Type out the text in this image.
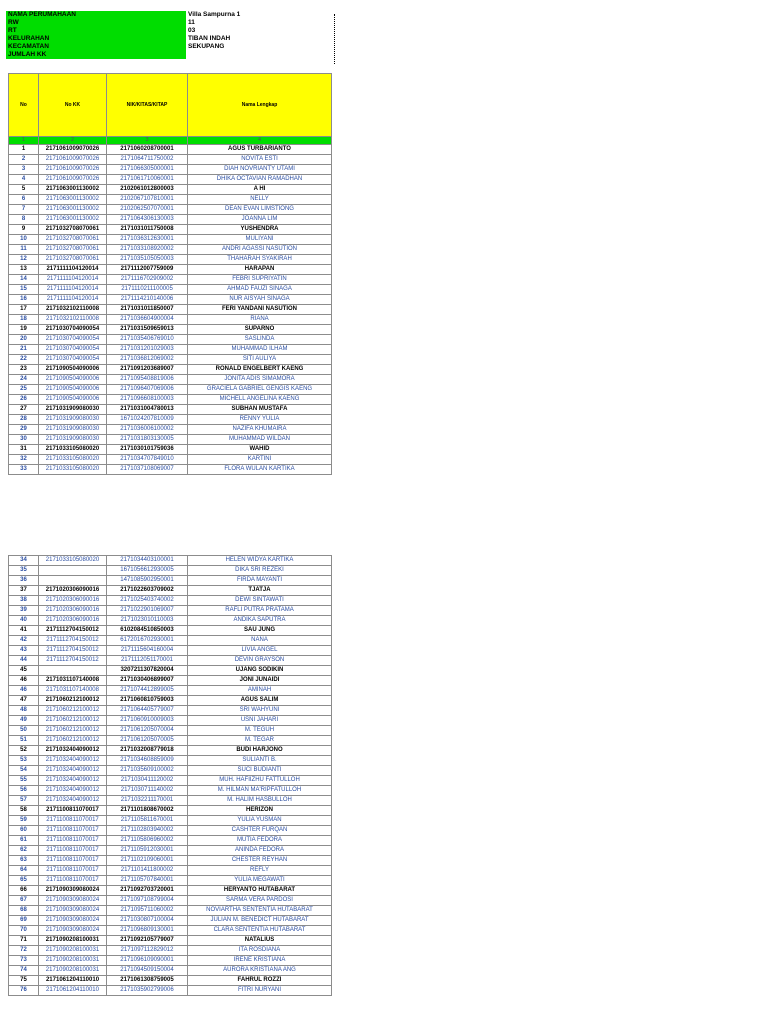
NAMA PERUMAHAAN	Villa Sampurna 1
RW	11
RT	03
KELURAHAN	TIBAN INDAH
KECAMATAN	SEKUPANG
JUMLAH KK	
No	No KK	NIK/KITAS/KITAP	Nama Lengkap
1	2	3	4
1	2171061009070026	2171060208700001	AGUS TURBARIANTO
2	2171061009070026	2171064711750002	NOVITA ESTI
3	2171061009070026	2171066305000001	DIAH NOVRIANTY UTAMI
4	2171061009070026	2171061710060001	DHIKA OCTAVIAN RAMADHAN
5	2171063001130002	2102061012800003	A HI
6	2171063001130002	2102067107810001	NELLY
7	2171063001130002	2102062507070001	DEAN EVAN LIMSTIONG
8	2171063001130002	2171064306130003	JOANNA LIM
9	2171032708070061	2171031011750008	YUSHENDRA
10	2171032708070061	2171036312630001	MULIYANI
11	2171032708070061	2171033108920002	ANDRI AGASSI NASUTION
12	2171032708070061	2171035105050003	THAHARAH SYAKIRAH
13	2171111104120014	2171112007759009	HARAPAN
14	2171111104120014	2171116702909002	FEBRI SUPRIYATIN
15	2171111104120014	2171110211100005	AHMAD FAUZI SINAGA
16	2171111104120014	2171114210140006	NUR AISYAH SINAGA
17	2171032102110008	2171031011850007	FERI YANDANI NASUTION
18	2171032102110008	2171036604900004	RIANA
19	2171030704090054	2171031509659013	SUPARNO
20	2171030704090054	2171035406769010	SASLINDA
21	2171030704090054	2171031201029003	MUHAMMAD ILHAM
22	2171030704090054	2171036812069002	SITI AULIYA
23	2171090504090006	2171091203689007	RONALD ENGELBERT KAENG
24	2171090504090006	2171095408819006	JONITA ADIS SIMAMORA
25	2171090504090006	2171096407069006	GRACIELA GABRIEL GENGIS KAENG
26	2171090504090006	2171096608100003	MICHELL ANGELINA KAENG
27	2171031909080030	2171031004780013	SUBHAN MUSTAFA
28	2171031909080030	1671024207810009	RENNY YULIA
29	2171031909080030	2171036006100002	NAZIFA KHUMAIRA
30	2171031909080030	2171031803130005	MUHAMMAD WILDAN
31	2171033105080020	2171030101759036	WAHID
32	2171033105080020	2171034707849010	KARTINI
33	2171033105080020	2171037108069007	FLORA WULAN KARTIKA
34	2171033105080020	2171034403100001	HELEN WIDYA KARTIKA
35		1671056612930005	DIKA SRI REZEKI
36		1471085902950001	FIRDA MAYANTI
37	2171020306090016	2171022603709002	TJATJA
38	2171020306090016	2171025403740002	DEWI SINTAWATI
39	2171020306090016	2171022901069007	RAFLI PUTRA PRATAMA
40	2171020306090016	2171023010110003	ANDIKA SAPUTRA
41	2171112704150012	6102084510850003	SAU JUNG
42	2171112704150012	6172016702930001	NANA
43	2171112704150012	2171115604160004	LIVIA ANGEL
44	2171112704150012	2171112051170001	DEVIN GRAYSON
45		3207211307820004	UJANG SODIKIN
46	2171031107140008	2171030406899007	JONI JUNAIDI
46	2171031107140008	2171074412899005	AMINAH
47	2171060212100012	2171060810759003	AGUS SALIM
48	2171060212100012	2171064405779007	SRI WAHYUNI
49	2171060212100012	2171060910009003	USNI JAHARI
50	2171060212100012	2171061205070004	M. TEGUH
51	2171060212100012	2171061205070005	M. TEGAR
52	2171032404090012	2171032008779018	BUDI HARJONO
53	2171032404090012	2171034608859009	SULIANTI B.
54	2171032404090012	2171035609100002	SUCI BUDIANTI
55	2171032404090012	2171030411120002	MUH. HAFIIZHU FATTULLOH
56	2171032404090012	2171030711140002	M. HILMAN MA'RIPFATULLOH
57	2171032404090012	2171032211170001	M. HALIM HASBULLOH
58	2171100811070017	2171101808670002	HERIZON
59	2171100811070017	2171105811670001	YULIA YUSMAN
60	2171100811070017	2171102803940002	CASHTER FURQAN
61	2171100811070017	2171105806960002	MUTIA FEDORA
62	2171100811070017	2171105912030001	ANINDA FEDORA
63	2171100811070017	2171102109060001	CHESTER REYHAN
64	2171100811070017	2171101411800002	REFLY
65	2171100811070017	2171105707840001	YULIA MEGAWATI
66	2171090309080024	2171092703720001	HERYANTO HUTABARAT
67	2171090309080024	2171097108799004	SARMA VERA PARDOSI
68	2171090309080024	2171095711060002	NOVIARTHA SENTENTIA HUTABARAT
69	2171090309080024	2171030807100004	JULIAN M. BENEDICT HUTABARAT
70	2171090309080024	2171096809130001	CLARA SENTENTIA HUTABARAT
71	2171090208100031	2171092105779007	NATALIUS
72	2171090208100031	2171097112829012	ITA ROSDIANA
73	2171090208100031	2171096109090001	IRENE KRISTIANA
74	2171090208100031	2171094509150004	AURORA KRISTIANA ANG
75	2171061204110010	2171061308759005	FAHRUL ROZZI
76	2171061204110010	2171035902799006	FITRI NURYANI
